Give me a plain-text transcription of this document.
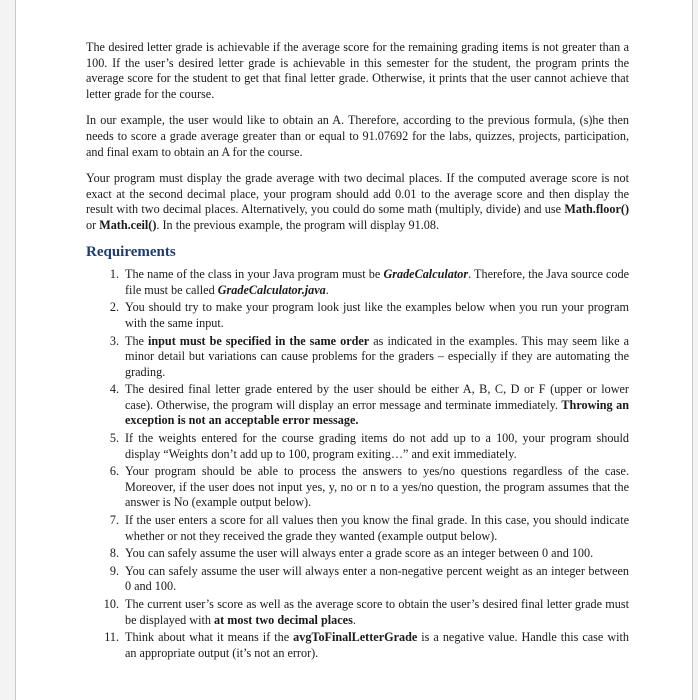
The desired letter grade is achievable if the average score for the remaining grading items is not greater than a 100. If the user’s desired letter grade is achievable in this semester for the student, the program prints the average score for the student to get that final letter grade. Otherwise, it prints that the user cannot achieve that letter grade for the course.

In our example, the user would like to obtain an A. Therefore, according to the previous formula, (s)he then needs to score a grade average greater than or equal to 91.07692 for the labs, quizzes, projects, participation, and final exam to obtain an A for the course.

Your program must display the grade average with two decimal places. If the computed average score is not exact at the second decimal place, your program should add 0.01 to the average score and then display the result with two decimal places. Alternatively, you could do some math (multiply, divide) and use Math.floor() or Math.ceil(). In the previous example, the program will display 91.08.

Requirements
1. The name of the class in your Java program must be GradeCalculator. Therefore, the Java source code file must be called GradeCalculator.java.
2. You should try to make your program look just like the examples below when you run your program with the same input.
3. The input must be specified in the same order as indicated in the examples. This may seem like a minor detail but variations can cause problems for the graders – especially if they are automating the grading.
4. The desired final letter grade entered by the user should be either A, B, C, D or F (upper or lower case). Otherwise, the program will display an error message and terminate immediately. Throwing an exception is not an acceptable error message.
5. If the weights entered for the course grading items do not add up to a 100, your program should display “Weights don’t add up to 100, program exiting…” and exit immediately.
6. Your program should be able to process the answers to yes/no questions regardless of the case. Moreover, if the user does not input yes, y, no or n to a yes/no question, the program assumes that the answer is No (example output below).
7. If the user enters a score for all values then you know the final grade. In this case, you should indicate whether or not they received the grade they wanted (example output below).
8. You can safely assume the user will always enter a grade score as an integer between 0 and 100.
9. You can safely assume the user will always enter a non-negative percent weight as an integer between 0 and 100.
10. The current user’s score as well as the average score to obtain the user’s desired final letter grade must be displayed with at most two decimal places.
11. Think about what it means if the avgToFinalLetterGrade is a negative value. Handle this case with an appropriate output (it’s not an error).
